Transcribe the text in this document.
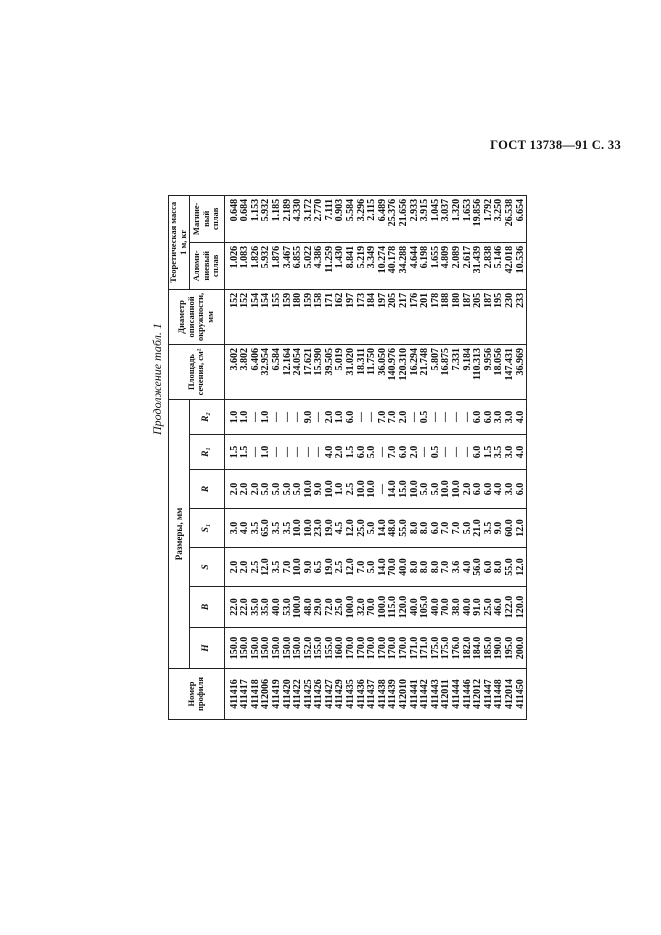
ГОСТ 13738—91 С. 33
Продолжение табл. 1
Номер профиля	Размеры, мм							Площадь сечения, см²	Диаметр описанной окружности, мм	Теоретическая масса 1 м, кг	
	H	B	S	S₁	R	R₁	R₂			Алюми-ниевый сплав	Магние-вый сплав
411416	150.0	22.0	2.0	3.0	2.0	1.5	1.0	3.602	152	1.026	0.648
411417	150.0	22.0	2.0	4.0	2.0	1.5	1.0	3.802	152	1.083	0.684
411418	150.0	35.0	2.5	3.5	2.0	—	—	6.406	154	1.826	1.153
412006	150.0	35.0	12.0	65.0	5.0	1.0	1.0	32.954	154	5.932	5.932
411419	150.0	40.0	3.5	3.5	5.0	—	—	6.584	155	1.876	1.185
411420	150.0	53.0	7.0	3.5	5.0	—	—	12.164	159	3.467	2.189
411422	150.0	100.0	10.0	10.0	5.0	—	—	24.054	180	6.855	4.330
411425	152.0	48.0	9.0	10.0	10.0	—	9.0	17.621	159	5.022	3.172
411426	155.0	29.0	6.5	23.0	9.0	—	—	15.390	158	4.386	2.770
411427	155.0	72.0	19.0	19.0	10.0	4.0	2.0	39.505	171	11.259	7.111
411429	160.0	25.0	2.5	4.5	1.0	2.0	1.0	5.019	162	1.430	0.903
411435	170.0	100.0	12.0	12.0	2.5	1.5	6.0	31.020	197	8.841	5.584
411436	170.0	32.0	7.0	25.0	10.0	6.0	—	18.311	173	5.219	3.296
411437	170.0	70.0	5.0	5.0	10.0	5.0	—	11.750	184	3.349	2.115
411438	170.0	100.0	14.0	14.0	—	—	7.0	36.050	197	10.274	6.489
411439	170.0	115.0	70.0	48.0	14.0	7.0	7.0	140.976	205	40.178	25.376
412010	170.0	120.0	40.0	55.0	15.0	6.0	2.0	120.310	217	34.288	21.656
411441	171.0	40.0	8.0	8.0	10.0	2.0	—	16.294	176	4.644	2.933
411442	171.0	105.0	8.0	8.0	5.0	—	0.5	21.748	201	6.198	3.915
411443	175.0	40.0	8.0	6.0	5.0	0.5	—	5.807	178	1.655	1.045
412011	175.0	70.0	7.0	7.0	10.0	—	—	16.875	188	4.809	3.037
411444	176.0	38.0	3.6	7.0	10.0	—	—	7.331	180	2.089	1.320
411446	182.0	40.0	4.0	5.0	2.0	—	—	9.184	187	2.617	1.653
412012	184.0	91.0	56.0	21.0	6.0	6.0	6.0	110.313	205	31.439	19.856
411447	185.0	25.0	6.0	3.5	6.0	1.5	6.0	9.956	187	2.838	1.792
411448	190.0	46.0	8.0	9.0	4.0	3.5	3.0	18.056	195	5.146	3.250
412014	195.0	122.0	55.0	60.0	3.0	3.0	3.0	147.431	230	42.018	26.538
411450	200.0	120.0	12.0	12.0	6.0	4.0	4.0	36.969	233	10.536	6.654
